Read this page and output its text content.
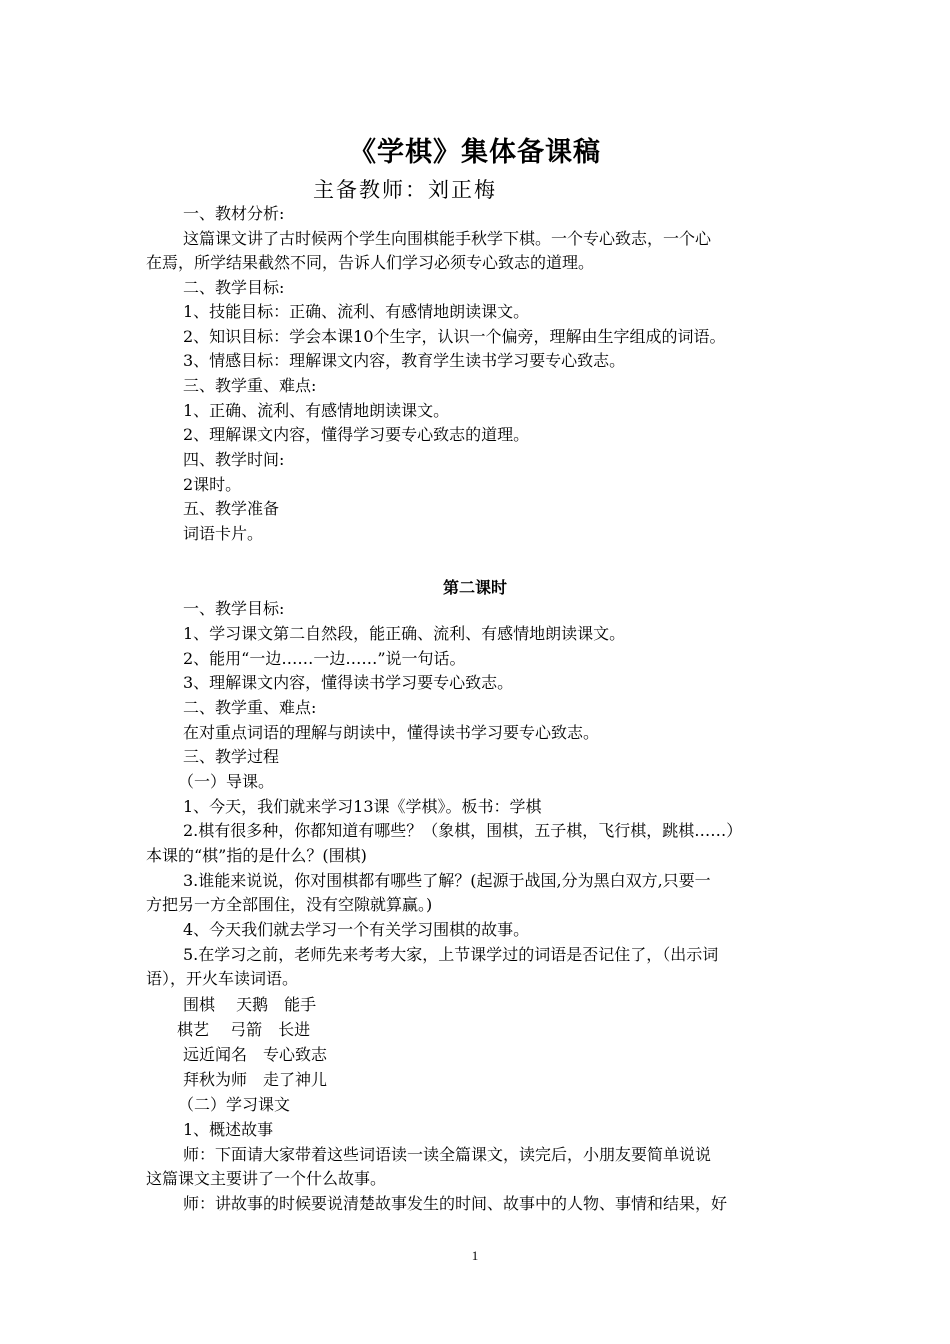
《学棋》集体备课稿
主备教师：刘正梅
一、教材分析:
这篇课文讲了古时候两个学生向围棋能手秋学下棋。一个专心致志，一个心
在焉，所学结果截然不同，告诉人们学习必须专心致志的道理。
二、教学目标:
1、技能目标：正确、流利、有感情地朗读课文。
2、知识目标：学会本课10个生字，认识一个偏旁，理解由生字组成的词语。
3、情感目标：理解课文内容，教育学生读书学习要专心致志。
三、教学重、难点:
1、正确、流利、有感情地朗读课文。
2、理解课文内容，懂得学习要专心致志的道理。
四、教学时间:
2课时。
五、教学准备
词语卡片。
第二课时
一、教学目标:
1、学习课文第二自然段，能正确、流利、有感情地朗读课文。
2、能用“一边……一边……”说一句话。
3、理解课文内容，懂得读书学习要专心致志。
二、教学重、难点:
在对重点词语的理解与朗读中，懂得读书学习要专心致志。
三、教学过程
（一）导课。
1、今天，我们就来学习13课《学棋》。板书：学棋
2.棋有很多种，你都知道有哪些？（象棋，围棋，五子棋，飞行棋，跳棋……）
本课的“棋”指的是什么？(围棋)
3.谁能来说说，你对围棋都有哪些了解？(起源于战国,分为黑白双方,只要一
方把另一方全部围住，没有空隙就算赢。)
4、今天我们就去学习一个有关学习围棋的故事。
5.在学习之前，老师先来考考大家，上节课学过的词语是否记住了，（出示词
语），开火车读词语。
围棋　 天鹅　能手
棋艺　 弓箭　长进
远近闻名　专心致志
拜秋为师　走了神儿
（二）学习课文
1、概述故事
师：下面请大家带着这些词语读一读全篇课文，读完后，小朋友要简单说说
这篇课文主要讲了一个什么故事。
师：讲故事的时候要说清楚故事发生的时间、故事中的人物、事情和结果，好
1
